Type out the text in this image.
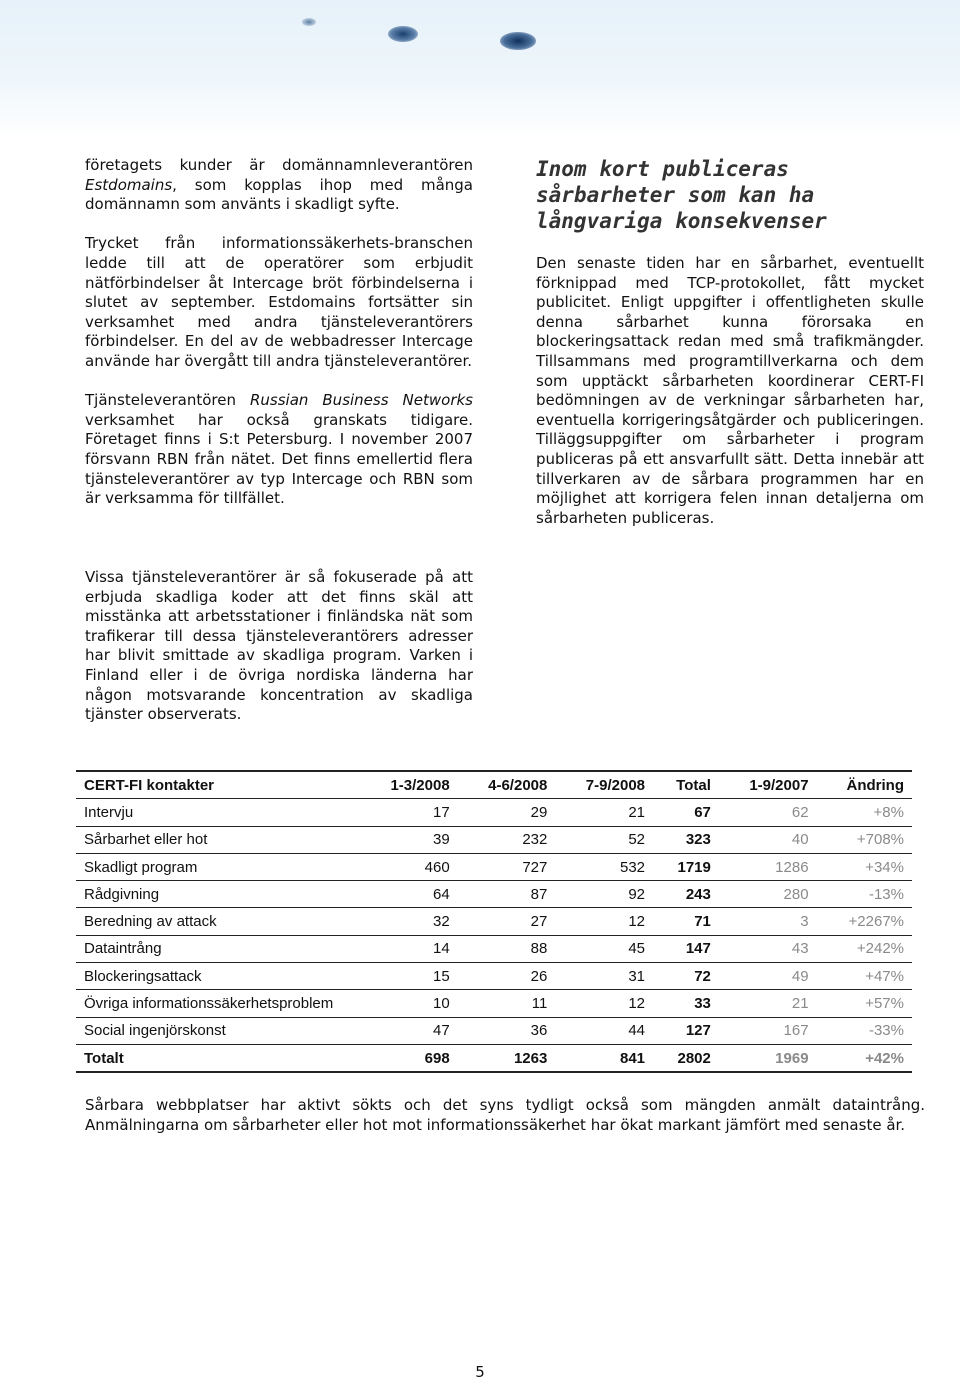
företagets kunder är domännamnleverantören Estdomains, som kopplas ihop med många domännamn som använts i skadligt syfte.

Trycket från informationssäkerhets-branschen ledde till att de operatörer som erbjudit nätförbindelser åt Intercage bröt förbindelserna i slutet av september. Estdomains fortsätter sin verksamhet med andra tjänsteleverantörers förbindelser. En del av de webbadresser Intercage använde har övergått till andra tjänsteleverantörer.

Tjänsteleverantören Russian Business Networks verksamhet har också granskats tidigare. Företaget finns i S:t Petersburg. I november 2007 försvann RBN från nätet. Det finns emellertid flera tjänsteleverantörer av typ Intercage och RBN som är verksamma för tillfället.

Vissa tjänsteleverantörer är så fokuserade på att erbjuda skadliga koder att det finns skäl att misstänka att arbetsstationer i finländska nät som trafikerar till dessa tjänsteleverantörers adresser har blivit smittade av skadliga program. Varken i Finland eller i de övriga nordiska länderna har någon motsvarande koncentration av skadliga tjänster observerats.
Inom kort publiceras sårbarheter som kan ha långvariga konsekvenser

Den senaste tiden har en sårbarhet, eventuellt förknippad med TCP-protokollet, fått mycket publicitet. Enligt uppgifter i offentligheten skulle denna sårbarhet kunna förorsaka en blockeringsattack redan med små trafikmängder. Tillsammans med programtillverkarna och dem som upptäckt sårbarheten koordinerar CERT-FI bedömningen av de verkningar sårbarheten har, eventuella korrigeringsåtgärder och publiceringen. Tilläggsuppgifter om sårbarheter i program publiceras på ett ansvarfullt sätt. Detta innebär att tillverkaren av de sårbara programmen har en möjlighet att korrigera felen innan detaljerna om sårbarheten publiceras.

CERT-FI kontakter	1-3/2008	4-6/2008	7-9/2008	Total	1-9/2007	Ändring
Intervju	17	29	21	67	62	+8%
Sårbarhet eller hot	39	232	52	323	40	+708%
Skadligt program	460	727	532	1719	1286	+34%
Rådgivning	64	87	92	243	280	-13%
Beredning av attack	32	27	12	71	3	+2267%
Dataintrång	14	88	45	147	43	+242%
Blockeringsattack	15	26	31	72	49	+47%
Övriga informationssäkerhetsproblem	10	11	12	33	21	+57%
Social ingenjörskonst	47	36	44	127	167	-33%
Totalt	698	1263	841	2802	1969	+42%
Sårbara webbplatser har aktivt sökts och det syns tydligt också som mängden anmält dataintrång. Anmälningarna om sårbarheter eller hot mot informationssäkerhet har ökat markant jämfört med senaste år.
5
